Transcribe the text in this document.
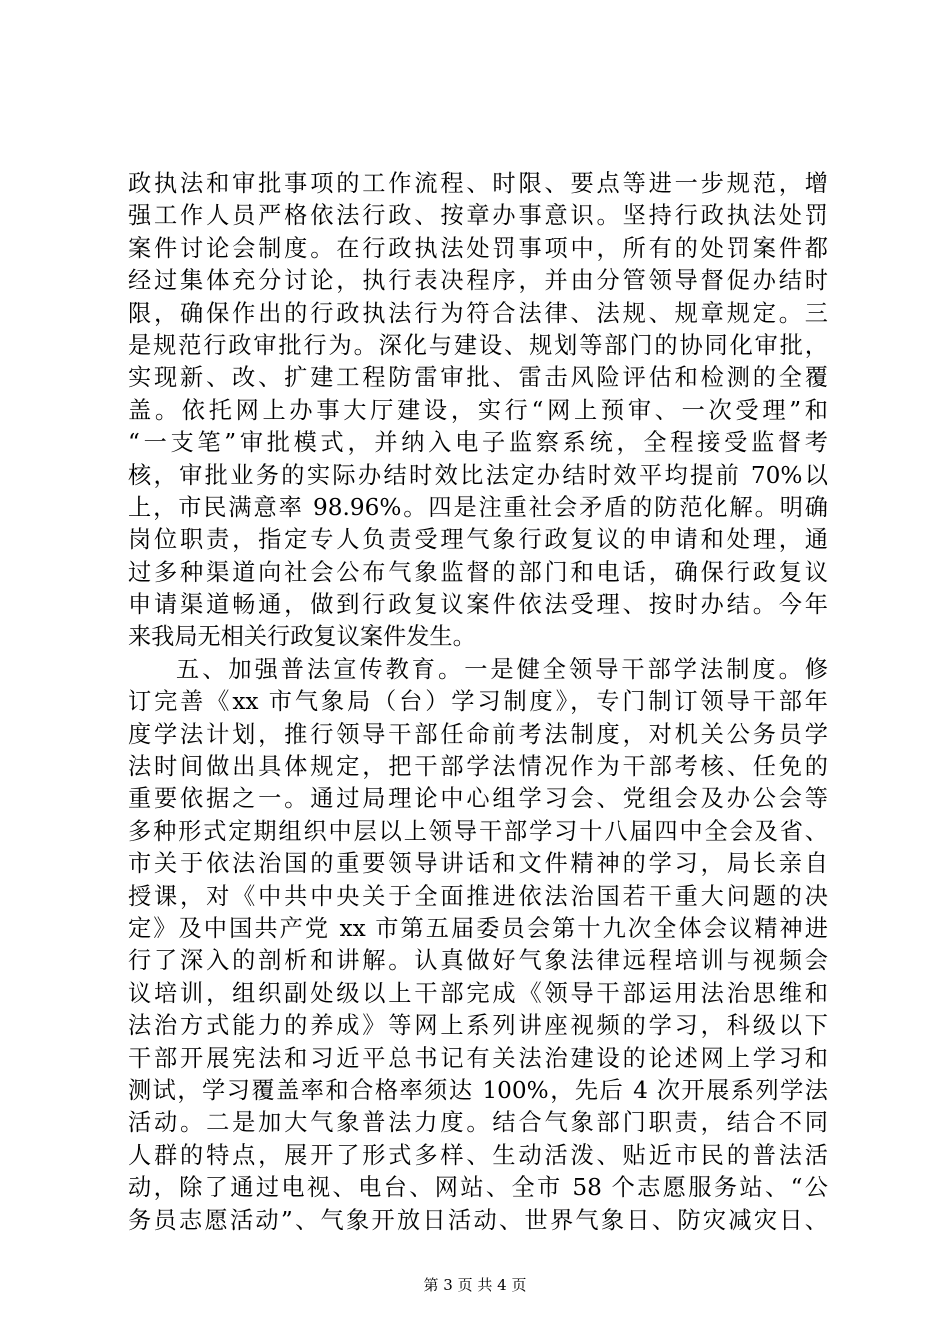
政执法和审批事项的工作流程、时限、要点等进一步规范，增
强工作人员严格依法行政、按章办事意识。坚持行政执法处罚
案件讨论会制度。在行政执法处罚事项中，所有的处罚案件都
经过集体充分讨论，执行表决程序，并由分管领导督促办结时
限，确保作出的行政执法行为符合法律、法规、规章规定。三
是规范行政审批行为。深化与建设、规划等部门的协同化审批，
实现新、改、扩建工程防雷审批、雷击风险评估和检测的全覆
盖。依托网上办事大厅建设，实行“网上预审、一次受理”和
“一支笔”审批模式，并纳入电子监察系统，全程接受监督考
核，审批业务的实际办结时效比法定办结时效平均提前 70%以
上，市民满意率 98.96%。四是注重社会矛盾的防范化解。明确
岗位职责，指定专人负责受理气象行政复议的申请和处理，通
过多种渠道向社会公布气象监督的部门和电话，确保行政复议
申请渠道畅通，做到行政复议案件依法受理、按时办结。今年
来我局无相关行政复议案件发生。
五、加强普法宣传教育。一是健全领导干部学法制度。修
订完善《xx 市气象局（台）学习制度》，专门制订领导干部年
度学法计划，推行领导干部任命前考法制度，对机关公务员学
法时间做出具体规定，把干部学法情况作为干部考核、任免的
重要依据之一。通过局理论中心组学习会、党组会及办公会等
多种形式定期组织中层以上领导干部学习十八届四中全会及省、
市关于依法治国的重要领导讲话和文件精神的学习，局长亲自
授课，对《中共中央关于全面推进依法治国若干重大问题的决
定》及中国共产党 xx 市第五届委员会第十九次全体会议精神进
行了深入的剖析和讲解。认真做好气象法律远程培训与视频会
议培训，组织副处级以上干部完成《领导干部运用法治思维和
法治方式能力的养成》等网上系列讲座视频的学习，科级以下
干部开展宪法和习近平总书记有关法治建设的论述网上学习和
测试，学习覆盖率和合格率须达 100%，先后 4 次开展系列学法
活动。二是加大气象普法力度。结合气象部门职责，结合不同
人群的特点，展开了形式多样、生动活泼、贴近市民的普法活
动，除了通过电视、电台、网站、全市 58 个志愿服务站、“公
务员志愿活动”、气象开放日活动、世界气象日、防灾减灾日、
第 3 页 共 4 页
